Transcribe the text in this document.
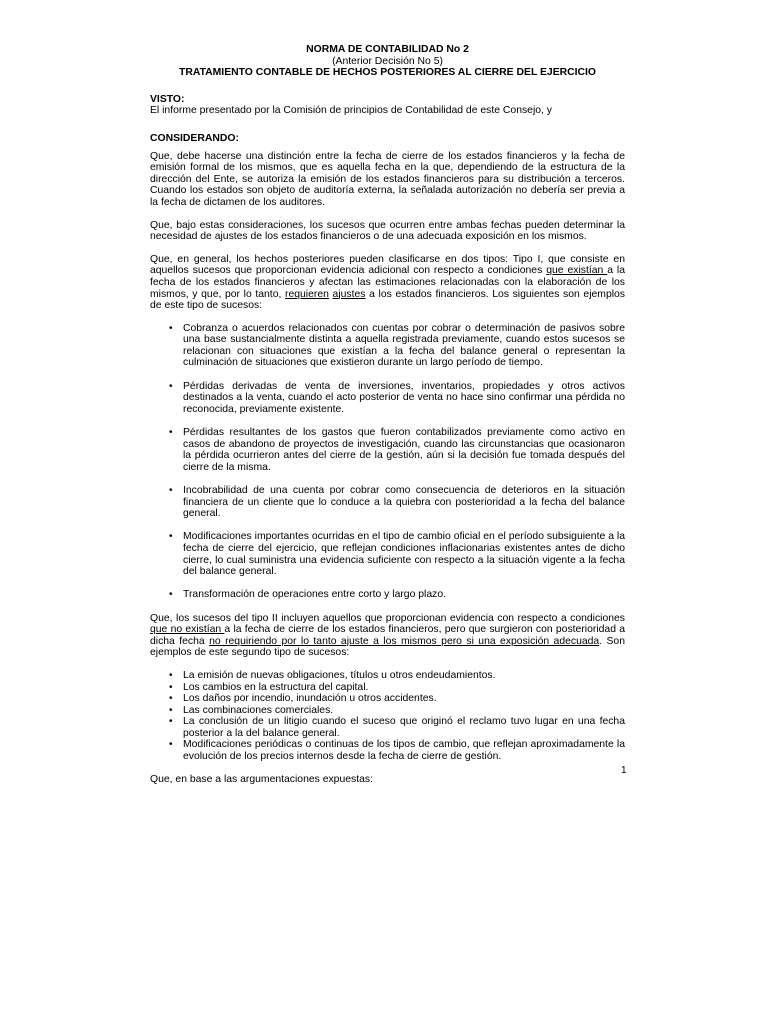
NORMA DE CONTABILIDAD No 2
(Anterior Decisión No 5)
TRATAMIENTO CONTABLE DE HECHOS POSTERIORES AL CIERRE DEL EJERCICIO
VISTO:
El informe presentado por la Comisión de principios de Contabilidad de este Consejo, y
CONSIDERANDO:

Que, debe hacerse una distinción entre la fecha de cierre de los estados financieros y la fecha de emisión formal de los mismos, que es aquella fecha en la que, dependiendo de la estructura de la dirección del Ente, se autoriza la emisión de los estados financieros para su distribución a terceros. Cuando los estados son objeto de auditoría externa, la señalada autorización no debería ser previa a la fecha de dictamen de los auditores.

Que, bajo estas consideraciones, los sucesos que ocurren entre ambas fechas pueden determinar la necesidad de ajustes de los estados financieros o de una adecuada exposición en los mismos.

Que, en general, los hechos posteriores pueden clasificarse en dos tipos: Tipo I, que consiste en aquellos sucesos que proporcionan evidencia adicional con respecto a condiciones que existían a la fecha de los estados financieros y afectan las estimaciones relacionadas con la elaboración de los mismos, y que, por lo tanto, requieren ajustes a los estados financieros. Los siguientes son ejemplos de este tipo de sucesos:

• Cobranza o acuerdos relacionados con cuentas por cobrar o determinación de pasivos sobre una base sustancialmente distinta a aquella registrada previamente, cuando estos sucesos se relacionan con situaciones que existían a la fecha del balance general o representan la culminación de situaciones que existieron durante un largo período de tiempo.
• Pérdidas derivadas de venta de inversiones, inventarios, propiedades y otros activos destinados a la venta, cuando el acto posterior de venta no hace sino confirmar una pérdida no reconocida, previamente existente.
• Pérdidas resultantes de los gastos que fueron contabilizados previamente como activo en casos de abandono de proyectos de investigación, cuando las circunstancias que ocasionaron la pérdida ocurrieron antes del cierre de la gestión, aún si la decisión fue tomada después del cierre de la misma.
• Incobrabilidad de una cuenta por cobrar como consecuencia de deterioros en la situación financiera de un cliente que lo conduce a la quiebra con posterioridad a la fecha del balance general.
• Modificaciones importantes ocurridas en el tipo de cambio oficial en el período subsiguiente a la fecha de cierre del ejercicio, que reflejan condiciones inflacionarias existentes antes de dicho cierre, lo cual suministra una evidencia suficiente con respecto a la situación vigente a la fecha del balance general.
• Transformación de operaciones entre corto y largo plazo.

Que, los sucesos del tipo II incluyen aquellos que proporcionan evidencia con respecto a condiciones que no existían a la fecha de cierre de los estados financieros, pero que surgieron con posterioridad a dicha fecha no requiriendo por lo tanto ajuste a los mismos pero si una exposición adecuada. Son ejemplos de este segundo tipo de sucesos:

• La emisión de nuevas obligaciones, títulos u otros endeudamientos.
• Los cambios en la estructura del capital.
• Los daños por incendio, inundación u otros accidentes.
• Las combinaciones comerciales.
• La conclusión de un litigio cuando el suceso que originó el reclamo tuvo lugar en una fecha posterior a la del balance general.
• Modificaciones periódicas o continuas de los tipos de cambio, que reflejan aproximadamente la evolución de los precios internos desde la fecha de cierre de gestión.

Que, en base a las argumentaciones expuestas:

1
